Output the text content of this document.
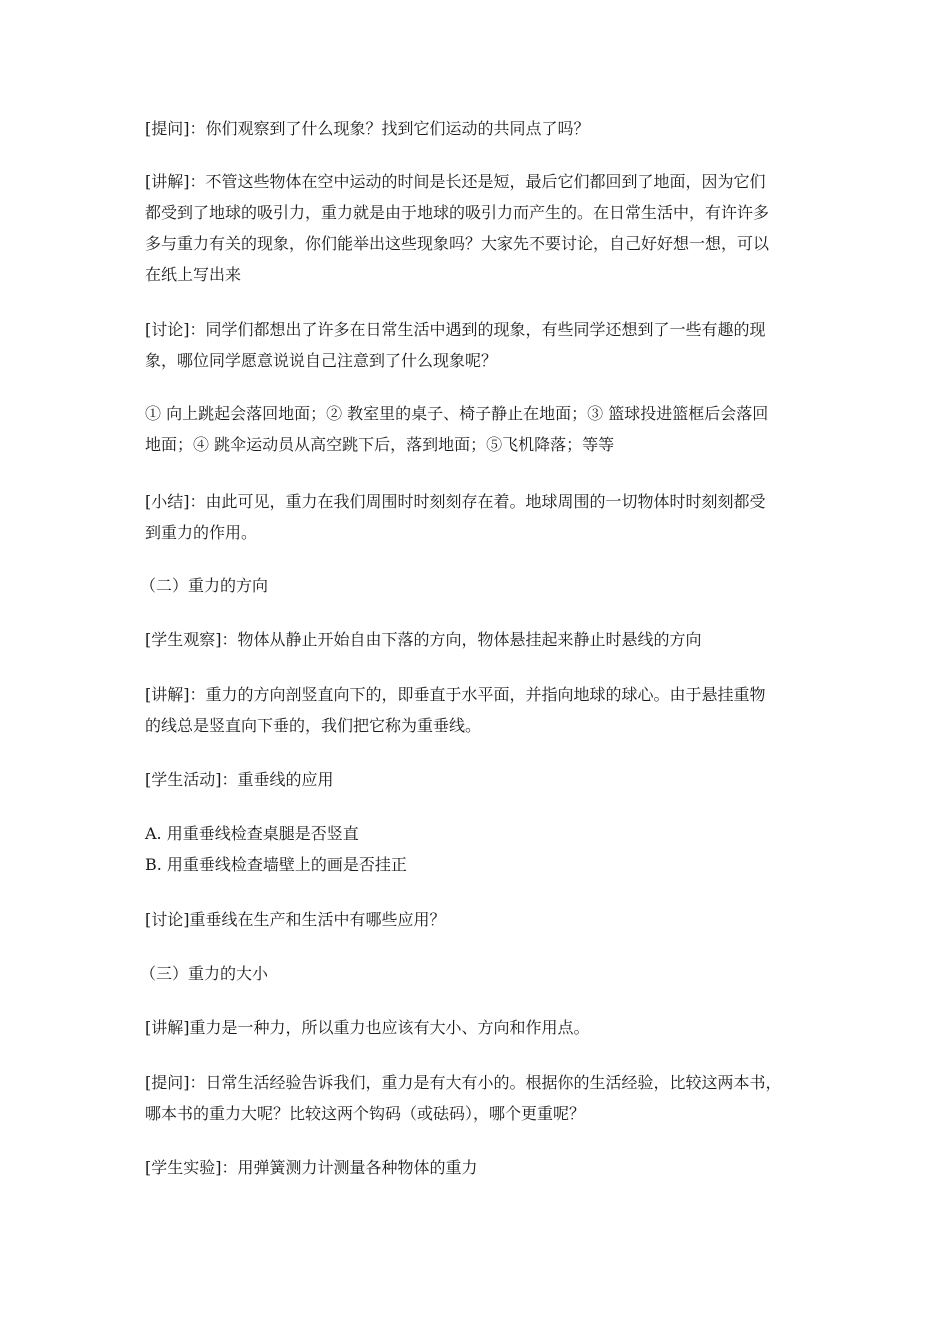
[提问]：你们观察到了什么现象？找到它们运动的共同点了吗？

[讲解]：不管这些物体在空中运动的时间是长还是短，最后它们都回到了地面，因为它们
都受到了地球的吸引力，重力就是由于地球的吸引力而产生的。在日常生活中，有许许多
多与重力有关的现象，你们能举出这些现象吗？大家先不要讨论，自己好好想一想，可以
在纸上写出来

[讨论]：同学们都想出了许多在日常生活中遇到的现象，有些同学还想到了一些有趣的现
象，哪位同学愿意说说自己注意到了什么现象呢？

① 向上跳起会落回地面；② 教室里的桌子、椅子静止在地面；③ 篮球投进篮框后会落回
地面；④ 跳伞运动员从高空跳下后，落到地面；⑤飞机降落；等等

[小结]：由此可见，重力在我们周围时时刻刻存在着。地球周围的一切物体时时刻刻都受
到重力的作用。

（二）重力的方向

[学生观察]：物体从静止开始自由下落的方向，物体悬挂起来静止时悬线的方向

[讲解]：重力的方向剖竖直向下的，即垂直于水平面，并指向地球的球心。由于悬挂重物
的线总是竖直向下垂的，我们把它称为重垂线。

[学生活动]：重垂线的应用

A. 用重垂线检查桌腿是否竖直
B. 用重垂线检查墙壁上的画是否挂正

[讨论]重垂线在生产和生活中有哪些应用？

（三）重力的大小

[讲解]重力是一种力，所以重力也应该有大小、方向和作用点。

[提问]：日常生活经验告诉我们，重力是有大有小的。根据你的生活经验，比较这两本书，
哪本书的重力大呢？比较这两个钩码（或砝码），哪个更重呢？

[学生实验]：用弹簧测力计测量各种物体的重力
